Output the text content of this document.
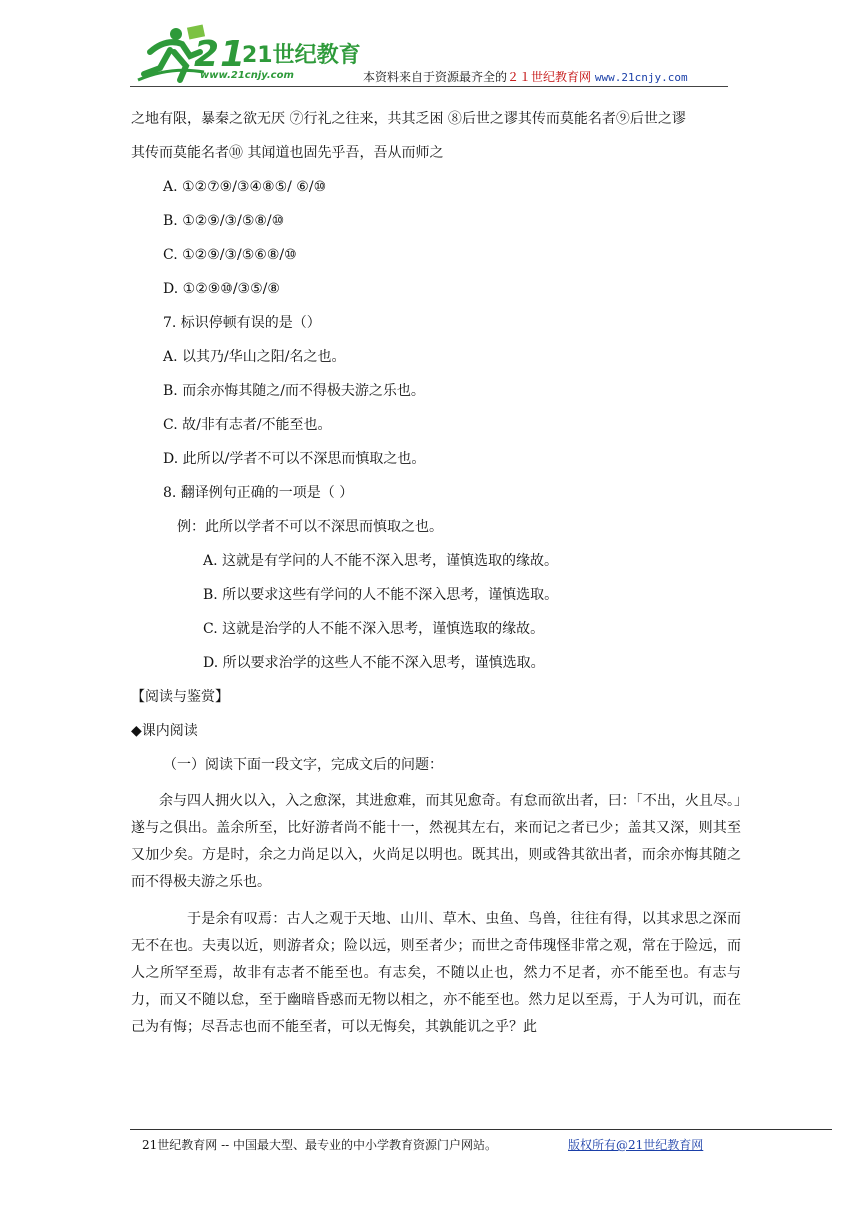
2 1
21世纪教育
www.21cnjy.com	本资料来自于资源最齐全的２１世纪教育网 www.21cnjy.com
之地有限，暴秦之欲无厌 ⑦行礼之往来，共其乏困 ⑧后世之谬其传而莫能名者⑨后世之谬
其传而莫能名者⑩ 其闻道也固先乎吾，吾从而师之
A. ①②⑦⑨/③④⑧⑤/ ⑥/⑩
B. ①②⑨/③/⑤⑧/⑩
C. ①②⑨/③/⑤⑥⑧/⑩
D. ①②⑨⑩/③⑤/⑧
7. 标识停顿有误的是（）
A. 以其乃/华山之阳/名之也。
B. 而余亦悔其随之/而不得极夫游之乐也。
C. 故/非有志者/不能至也。
D. 此所以/学者不可以不深思而慎取之也。
8. 翻译例句正确的一项是（ ）
例：此所以学者不可以不深思而慎取之也。
A. 这就是有学问的人不能不深入思考，谨慎选取的缘故。
B. 所以要求这些有学问的人不能不深入思考，谨慎选取。
C. 这就是治学的人不能不深入思考，谨慎选取的缘故。
D. 所以要求治学的这些人不能不深入思考，谨慎选取。
【阅读与鉴赏】
◆课内阅读
（一）阅读下面一段文字，完成文后的问题：
余与四人拥火以入，入之愈深，其进愈难，而其见愈奇。有怠而欲出者，曰：「不出，火且尽。」遂与之俱出。盖余所至，比好游者尚不能十一，然视其左右，来而记之者已少；盖其又深，则其至又加少矣。方是时，余之力尚足以入，火尚足以明也。既其出，则或咎其欲出者，而余亦悔其随之而不得极夫游之乐也。
于是余有叹焉：古人之观于天地、山川、草木、虫鱼、鸟兽，往往有得，以其求思之深而无不在也。夫夷以近，则游者众；险以远，则至者少；而世之奇伟瑰怪非常之观，常在于险远，而人之所罕至焉，故非有志者不能至也。有志矣，不随以止也，然力不足者，亦不能至也。有志与力，而又不随以怠，至于幽暗昏惑而无物以相之，亦不能至也。然力足以至焉，于人为可讥，而在己为有悔；尽吾志也而不能至者，可以无悔矣，其孰能讥之乎？此
21世纪教育网 -- 中国最大型、最专业的中小学教育资源门户网站。	版权所有@21世纪教育网
